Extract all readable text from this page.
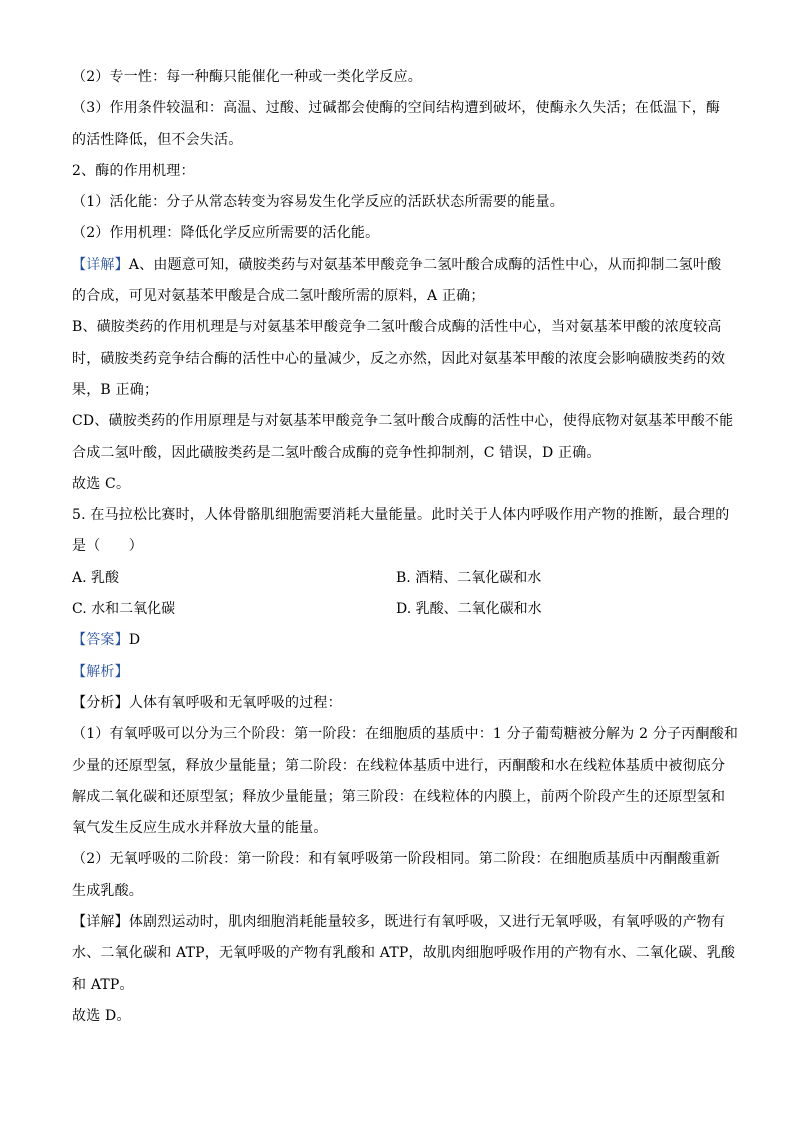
（2）专一性：每一种酶只能催化一种或一类化学反应。
（3）作用条件较温和：高温、过酸、过碱都会使酶的空间结构遭到破坏，使酶永久失活；在低温下，酶
的活性降低，但不会失活。
2、酶的作用机理：
（1）活化能：分子从常态转变为容易发生化学反应的活跃状态所需要的能量。
（2）作用机理：降低化学反应所需要的活化能。
【详解】A、由题意可知，磺胺类药与对氨基苯甲酸竞争二氢叶酸合成酶的活性中心，从而抑制二氢叶酸
的合成，可见对氨基苯甲酸是合成二氢叶酸所需的原料，A 正确；
B、磺胺类药的作用机理是与对氨基苯甲酸竞争二氢叶酸合成酶的活性中心，当对氨基苯甲酸的浓度较高
时，磺胺类药竞争结合酶的活性中心的量减少，反之亦然，因此对氨基苯甲酸的浓度会影响磺胺类药的效
果，B 正确；
CD、磺胺类药的作用原理是与对氨基苯甲酸竞争二氢叶酸合成酶的活性中心，使得底物对氨基苯甲酸不能
合成二氢叶酸，因此磺胺类药是二氢叶酸合成酶的竞争性抑制剂，C 错误，D 正确。
故选 C。
5. 在马拉松比赛时，人体骨骼肌细胞需要消耗大量能量。此时关于人体内呼吸作用产物的推断，最合理的
是（　　）
A. 乳酸	B. 酒精、二氧化碳和水
C. 水和二氧化碳	D. 乳酸、二氧化碳和水
【答案】D
【解析】
【分析】人体有氧呼吸和无氧呼吸的过程：
（1）有氧呼吸可以分为三个阶段：第一阶段：在细胞质的基质中：1 分子葡萄糖被分解为 2 分子丙酮酸和
少量的还原型氢，释放少量能量；第二阶段：在线粒体基质中进行，丙酮酸和水在线粒体基质中被彻底分
解成二氧化碳和还原型氢；释放少量能量；第三阶段：在线粒体的内膜上，前两个阶段产生的还原型氢和
氧气发生反应生成水并释放大量的能量。
（2）无氧呼吸的二阶段：第一阶段：和有氧呼吸第一阶段相同。第二阶段：在细胞质基质中丙酮酸重新
生成乳酸。
【详解】体剧烈运动时，肌肉细胞消耗能量较多，既进行有氧呼吸，又进行无氧呼吸，有氧呼吸的产物有
水、二氧化碳和 ATP，无氧呼吸的产物有乳酸和 ATP，故肌肉细胞呼吸作用的产物有水、二氧化碳、乳酸
和 ATP。
故选 D。
